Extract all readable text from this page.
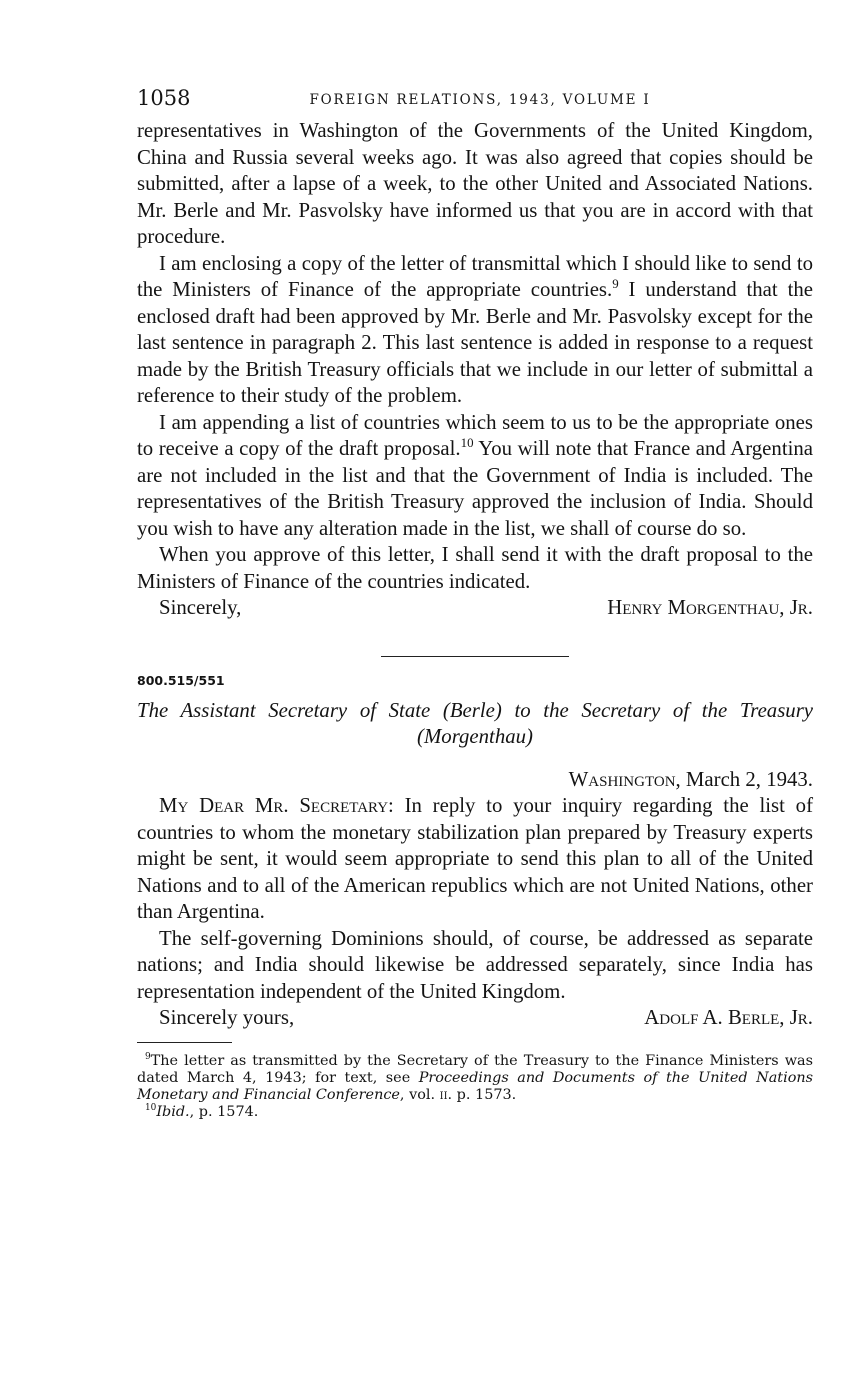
1058	FOREIGN RELATIONS, 1943, VOLUME I

representatives in Washington of the Governments of the United Kingdom, China and Russia several weeks ago. It was also agreed that copies should be submitted, after a lapse of a week, to the other United and Associated Nations. Mr. Berle and Mr. Pasvolsky have informed us that you are in accord with that procedure.

I am enclosing a copy of the letter of transmittal which I should like to send to the Ministers of Finance of the appropriate countries.$^9$ I understand that the enclosed draft had been approved by Mr. Berle and Mr. Pasvolsky except for the last sentence in paragraph 2. This last sentence is added in response to a request made by the British Treasury officials that we include in our letter of submittal a reference to their study of the problem.

I am appending a list of countries which seem to us to be the appropriate ones to receive a copy of the draft proposal.$^{10}$ You will note that France and Argentina are not included in the list and that the Government of India is included. The representatives of the British Treasury approved the inclusion of India. Should you wish to have any alteration made in the list, we shall of course do so.

When you approve of this letter, I shall send it with the draft proposal to the Ministers of Finance of the countries indicated.

Sincerely,	Henry Morgenthau, Jr.
800.515/551
The Assistant Secretary of State (Berle) to the Secretary of the Treasury (Morgenthau)
Washington, March 2, 1943.

My Dear Mr. Secretary: In reply to your inquiry regarding the list of countries to whom the monetary stabilization plan prepared by Treasury experts might be sent, it would seem appropriate to send this plan to all of the United Nations and to all of the American republics which are not United Nations, other than Argentina.

The self-governing Dominions should, of course, be addressed as separate nations; and India should likewise be addressed separately, since India has representation independent of the United Kingdom.

Sincerely yours,	Adolf A. Berle, Jr.

$^9$The letter as transmitted by the Secretary of the Treasury to the Finance Ministers was dated March 4, 1943; for text, see Proceedings and Documents of the United Nations Monetary and Financial Conference, vol. ii. p. 1573.

$^{10}$Ibid., p. 1574.
